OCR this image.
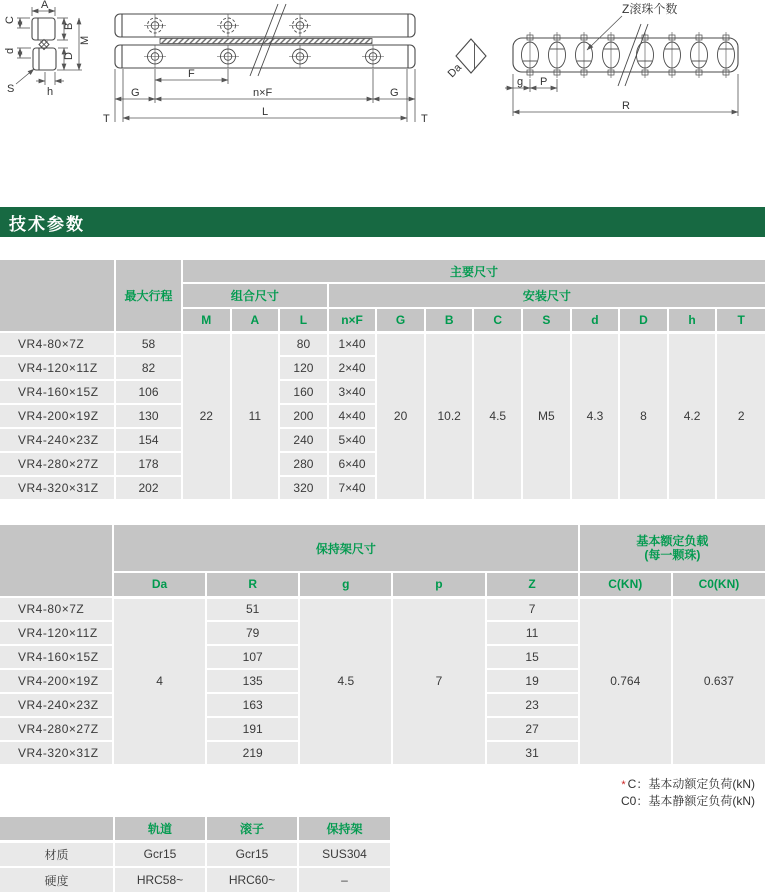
A
C
B
M
d
D
S	h
F
G	n×F	G
L
T	T
Z滚珠个数
g P
R
Da
技术参数
	最大行程	主要尺寸											
		组合尺寸			安装尺寸								
		M	A	L	n×F	G	B	C	S	d	D	h	T
VR4-80×7Z	58	22	11	80	1×40	20	10.2	4.5	M5	4.3	8	4.2	2
VR4-120×11Z	82			120	2×40								
VR4-160×15Z	106			160	3×40								
VR4-200×19Z	130			200	4×40								
VR4-240×23Z	154			240	5×40								
VR4-280×27Z	178			280	6×40								
VR4-320×31Z	202			320	7×40								
	保持架尺寸					基本额定负载
(每一颗珠)	

	Da	R	g	p	Z	C(KN)	C0(KN)
VR4-80×7Z	4	51	4.5	7	7	0.764	0.637
VR4-120×11Z		79			11		
VR4-160×15Z		107			15		
VR4-200×19Z		135			19		
VR4-240×23Z		163			23		
VR4-280×27Z		191			27		
VR4-320×31Z		219			31		
* C：基本动额定负荷(kN)
C0：基本静额定负荷(kN)
	轨道	滚子	保持架
材质	Gcr15	Gcr15	SUS304
硬度	HRC58~	HRC60~	–
